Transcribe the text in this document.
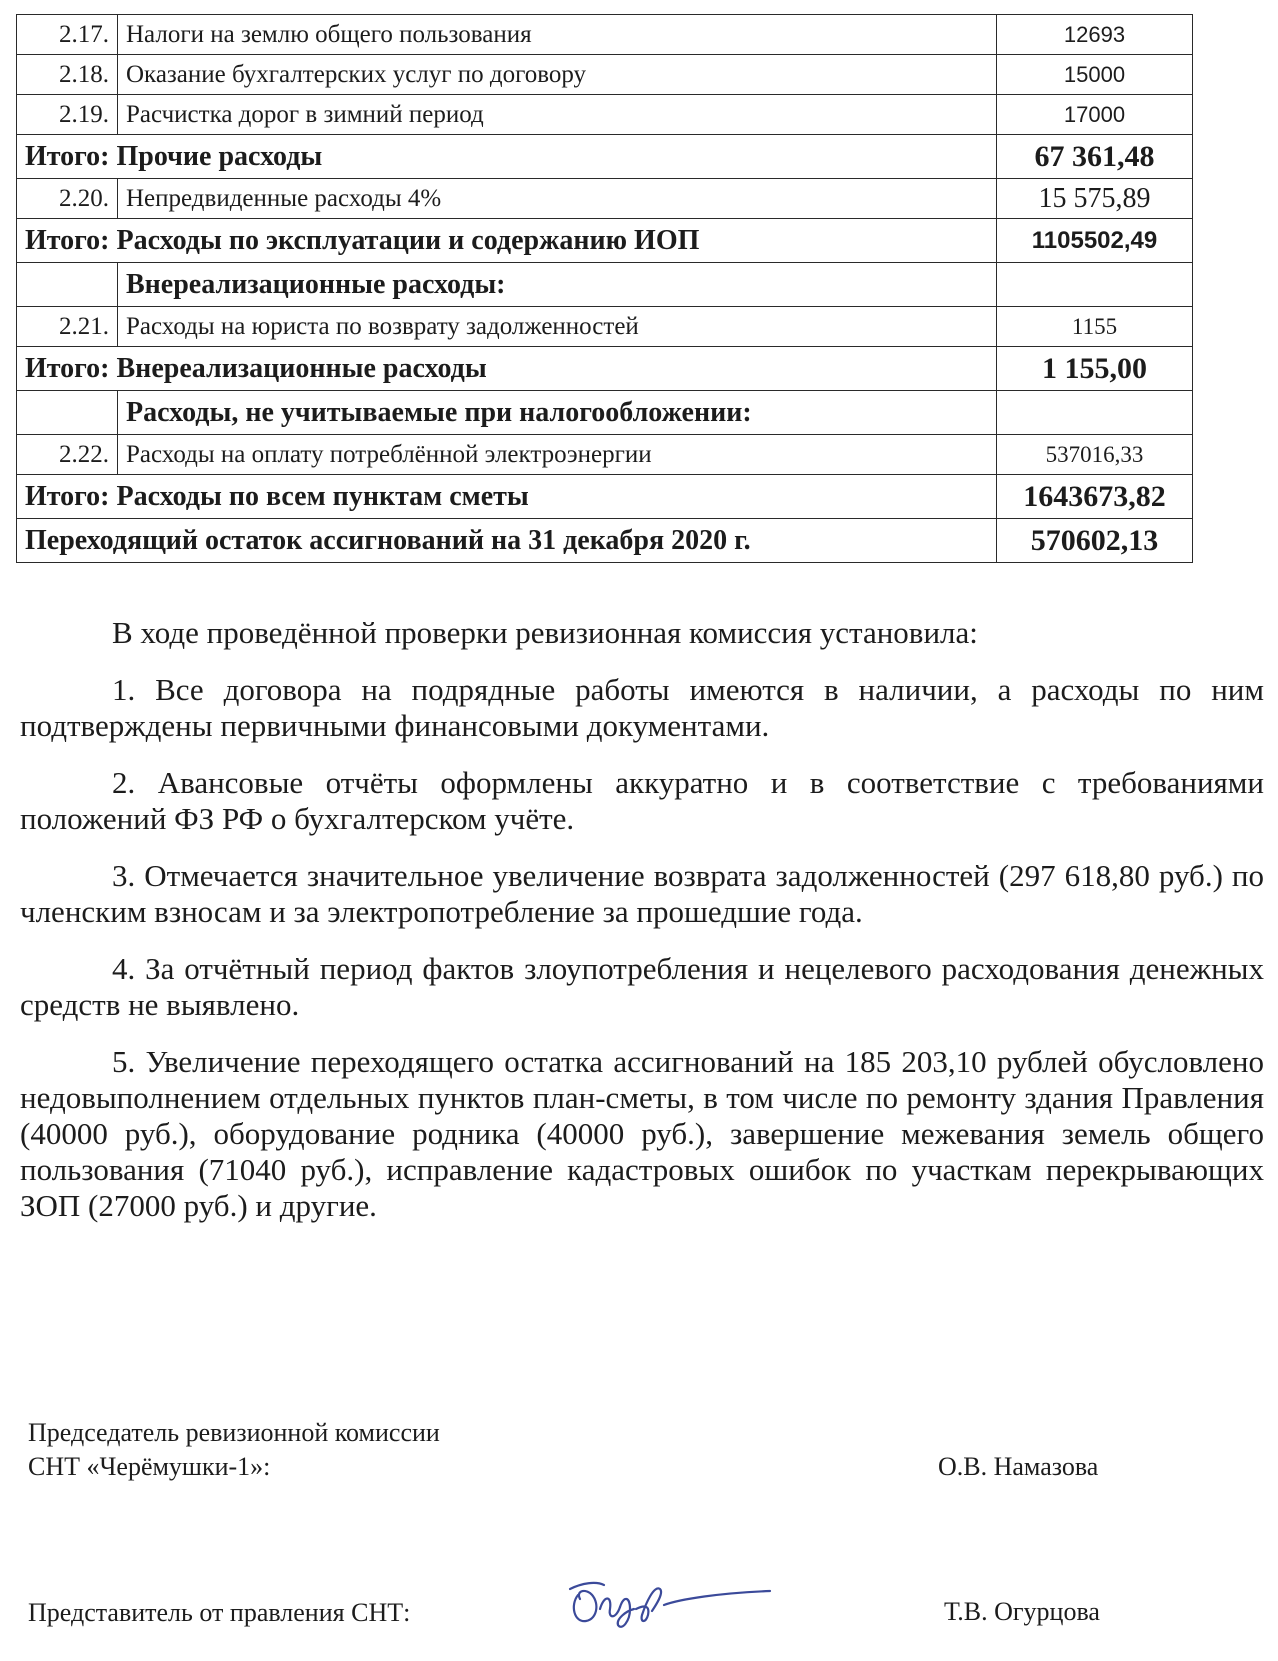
2.17.	Налоги на землю общего пользования	12693
2.18.	Оказание бухгалтерских услуг по договору	15000
2.19.	Расчистка дорог в зимний период	17000
Итого: Прочие расходы		67 361,48
2.20.	Непредвиденные расходы 4%	15 575,89
Итого: Расходы по эксплуатации и содержанию ИОП		1105502,49
	Внереализационные расходы:	
2.21.	Расходы на юриста по возврату задолженностей	1155
Итого: Внереализационные расходы		1 155,00
	Расходы, не учитываемые при налогообложении:	
2.22.	Расходы на оплату потреблённой электроэнергии	537016,33
Итого: Расходы по всем пунктам сметы		1643673,82
Переходящий остаток ассигнований на 31 декабря 2020 г.		570602,13

В ходе проведённой проверки ревизионная комиссия установила:

1. Все договора на подрядные работы имеются в наличии, а расходы по ним подтверждены первичными финансовыми документами.

2. Авансовые отчёты оформлены аккуратно и в соответствие с требованиями положений ФЗ РФ о бухгалтерском учёте.

3. Отмечается значительное увеличение возврата задолженностей (297 618,80 руб.) по членским взносам и за электропотребление за прошедшие года.

4. За отчётный период фактов злоупотребления и нецелевого расходования денежных средств не выявлено.

5. Увеличение переходящего остатка ассигнований на 185 203,10 рублей обусловлено недовыполнением отдельных пунктов план-сметы, в том числе по ремонту здания Правления (40000 руб.), оборудование родника (40000 руб.), завершение межевания земель общего пользования (71040 руб.), исправление кадастровых ошибок по участкам перекрывающих ЗОП (27000 руб.) и другие.

Председатель ревизионной комиссии
СНТ «Черёмушки-1»:	О.В. Намазова
Представитель от правления СНТ:	Т.В. Огурцова
